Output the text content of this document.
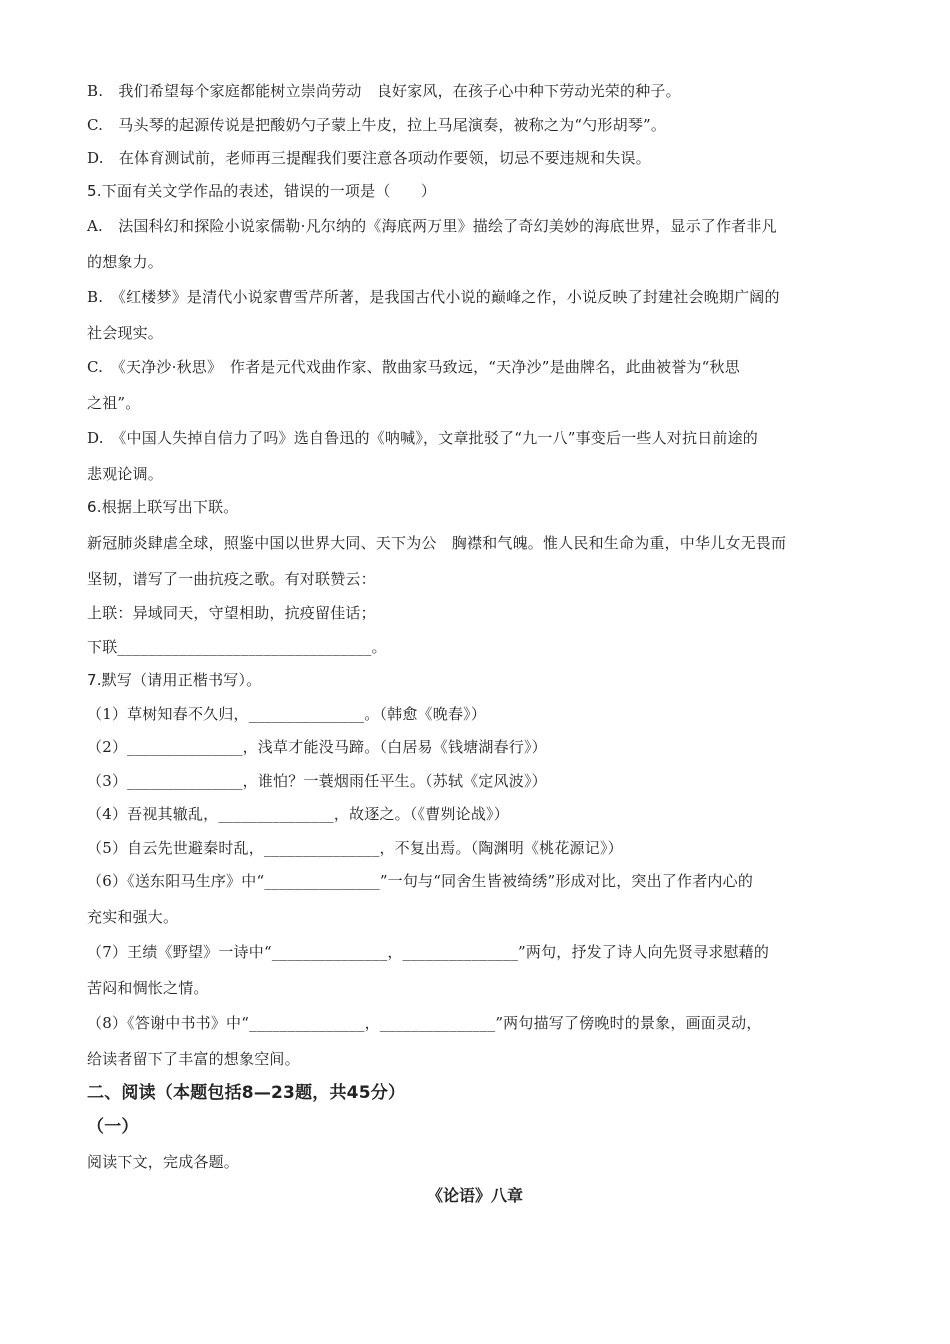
B.　我们希望每个家庭都能树立崇尚劳动　良好家风，在孩子心中种下劳动光荣的种子。
C.　马头琴的起源传说是把酸奶勺子蒙上牛皮，拉上马尾演奏，被称之为“勺形胡琴”。
D.　在体育测试前，老师再三提醒我们要注意各项动作要领，切忌不要违规和失误。
5.下面有关文学作品的表述，错误的一项是（　　）
A.　法国科幻和探险小说家儒勒·凡尔纳的《海底两万里》描绘了奇幻美妙的海底世界，显示了作者非凡
的想象力。
B.　《红楼梦》是清代小说家曹雪芹所著，是我国古代小说的巅峰之作，小说反映了封建社会晚期广阔的
社会现实。
C.　《天净沙·秋思》　作者是元代戏曲作家、散曲家马致远，“天净沙”是曲牌名，此曲被誉为“秋思
之祖”。
D.　《中国人失掉自信力了吗》选自鲁迅的《呐喊》，文章批驳了“九一八”事变后一些人对抗日前途的
悲观论调。
6.根据上联写出下联。
新冠肺炎肆虐全球，照鉴中国以世界大同、天下为公　胸襟和气魄。惟人民和生命为重，中华儿女无畏而
坚韧，谱写了一曲抗疫之歌。有对联赞云：
上联：异域同天，守望相助，抗疫留佳话；
下联_________________________________。
7.默写（请用正楷书写）。
（1）草树知春不久归，_______________。（韩愈《晚春》）
（2）_______________，浅草才能没马蹄。（白居易《钱塘湖春行》）
（3）_______________，谁怕？一蓑烟雨任平生。（苏轼《定风波》）
（4）吾视其辙乱，_______________，故逐之。（《曹刿论战》）
（5）自云先世避秦时乱，_______________，不复出焉。（陶渊明《桃花源记》）
（6）《送东阳马生序》中“_______________”一句与“同舍生皆被绮绣”形成对比，突出了作者内心的
充实和强大。
（7）王绩《野望》一诗中“_______________，_______________”两句，抒发了诗人向先贤寻求慰藉的
苦闷和惆怅之情。
（8）《答谢中书书》中“_______________，_______________”两句描写了傍晚时的景象，画面灵动，
给读者留下了丰富的想象空间。
二、阅读（本题包括8—23题，共45分）
（一）
阅读下文，完成各题。
《论语》八章
